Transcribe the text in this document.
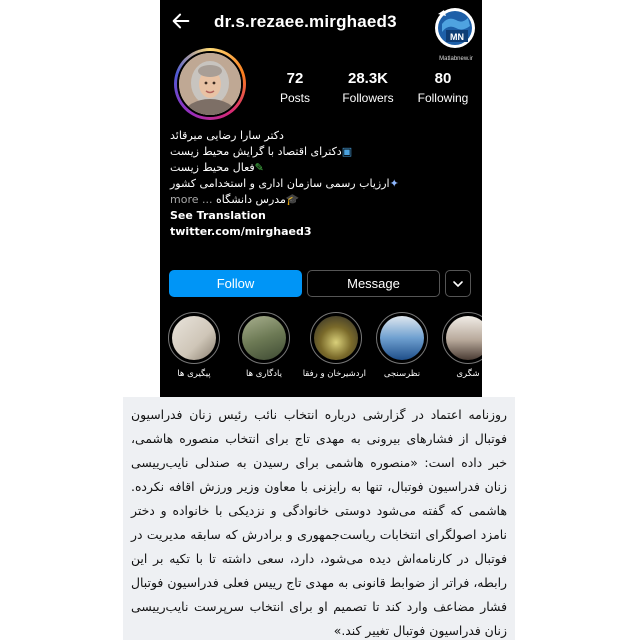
dr.s.rezaee.mirghaed3
MN
Matlabnew.ir
72
Posts
28.3K
Followers
80
Following
دکتر سارا رضایی میرقائد
▣دکترای اقتصاد با گرایش محیط زیست
✎فعال محیط زیست
✦ارزیاب رسمی سازمان اداری و استخدامی کشور
🎓مدرس دانشگاه ... more
See Translation
twitter.com/mirghaed3
Follow	Message
پیگیری ها	یادگاری ها	اردشیرخان و رفقا	نظرسنجی	شگری

روزنامه اعتماد در گزارشی درباره انتخاب نائب رئیس زنان فدراسیون فوتبال از فشارهای بیرونی به مهدی تاج برای انتخاب منصوره هاشمی، خبر داده است: «منصوره هاشمی برای رسیدن به صندلی نایب‌رییسی زنان فدراسیون فوتبال، تنها به رایزنی با معاون وزیر ورزش اقافه نکرده. هاشمی که گفته می‌شود دوستی خانوادگی و نزدیکی با خانواده و دختر نامزد اصولگرای انتخابات ریاست‌جمهوری و برادرش که سابقه مدیریت در فوتبال در کارنامه‌اش دیده می‌شود، دارد، سعی داشته تا با تکیه بر این رابطه، فراتر از ضوابط قانونی به مهدی تاج رییس فعلی فدراسیون فوتبال فشار مضاعف وارد کند تا تصمیم او برای انتخاب سرپرست نایب‌رییسی زنان فدراسیون فوتبال تغییر کند.»
